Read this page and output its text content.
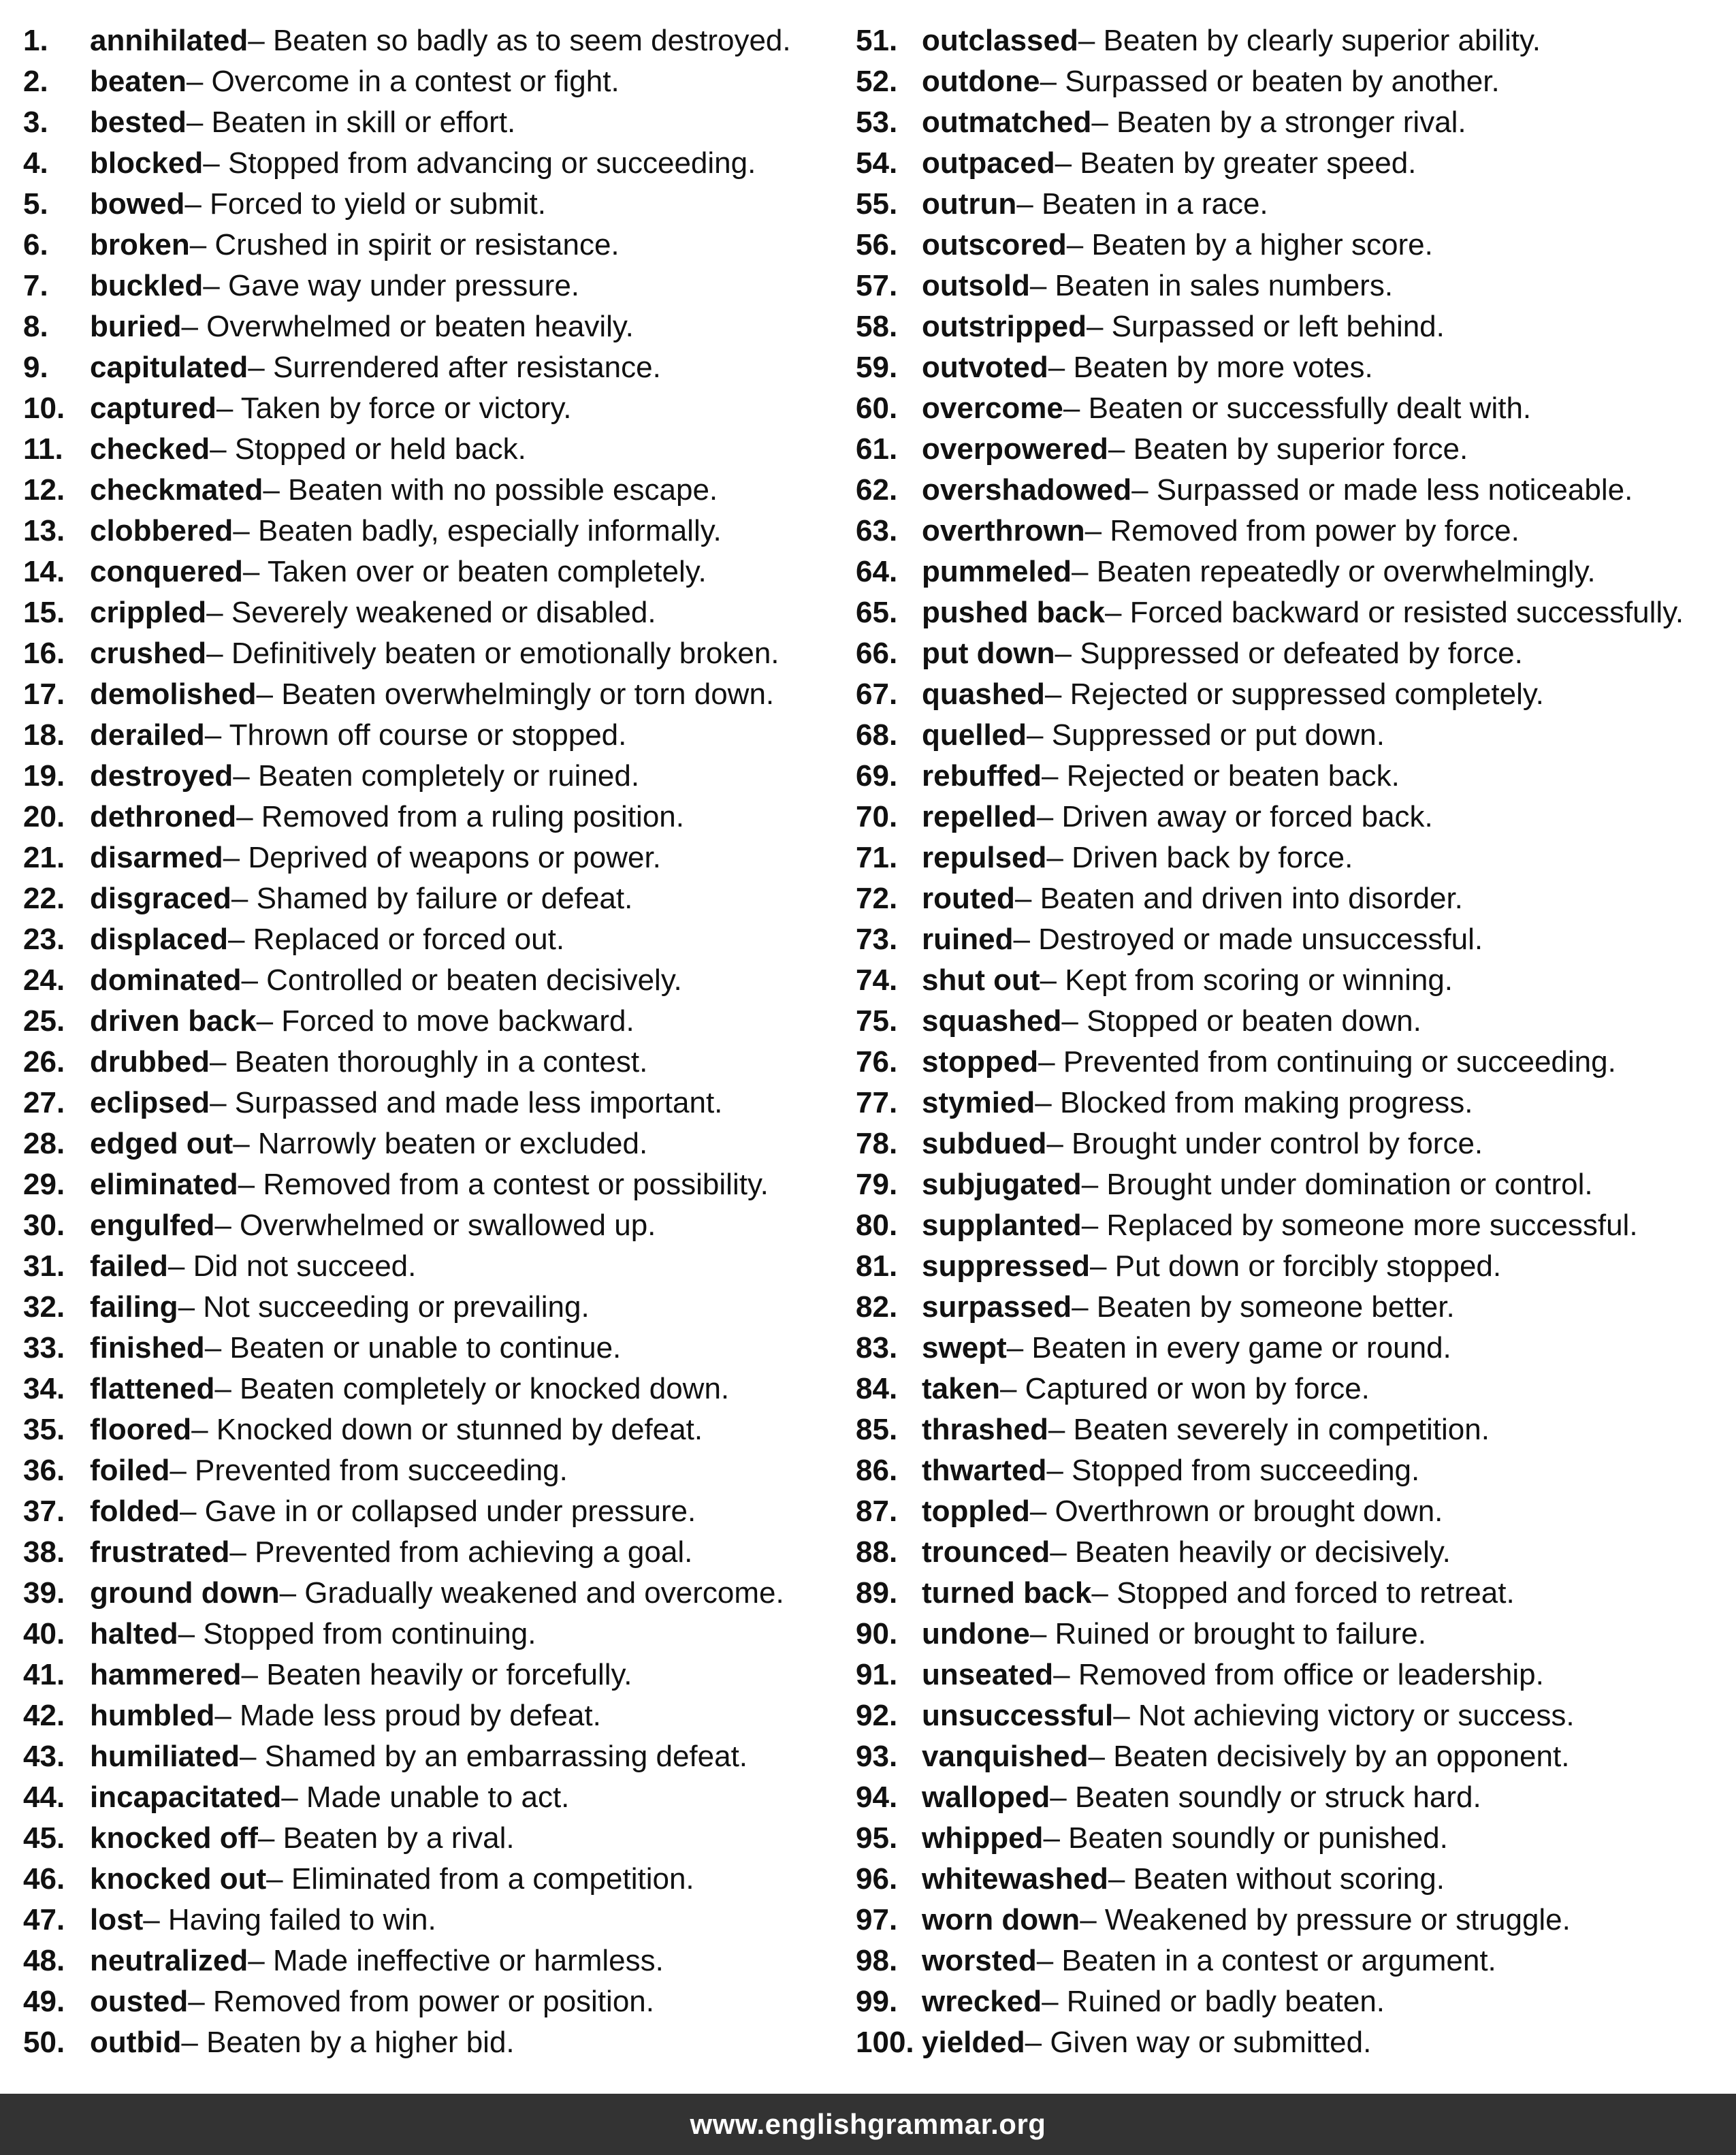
1.	annihilated – Beaten so badly as to seem destroyed.
2.	beaten – Overcome in a contest or fight.
3.	bested – Beaten in skill or effort.
4.	blocked – Stopped from advancing or succeeding.
5.	bowed – Forced to yield or submit.
6.	broken – Crushed in spirit or resistance.
7.	buckled – Gave way under pressure.
8.	buried – Overwhelmed or beaten heavily.
9.	capitulated – Surrendered after resistance.
10. captured – Taken by force or victory.
11. checked – Stopped or held back.
12. checkmated – Beaten with no possible escape.
13. clobbered – Beaten badly, especially informally.
14. conquered – Taken over or beaten completely.
15. crippled – Severely weakened or disabled.
16. crushed – Definitively beaten or emotionally broken.
17. demolished – Beaten overwhelmingly or torn down.
18. derailed – Thrown off course or stopped.
19. destroyed – Beaten completely or ruined.
20. dethroned – Removed from a ruling position.
21. disarmed – Deprived of weapons or power.
22. disgraced – Shamed by failure or defeat.
23. displaced – Replaced or forced out.
24. dominated – Controlled or beaten decisively.
25. driven back – Forced to move backward.
26. drubbed – Beaten thoroughly in a contest.
27. eclipsed – Surpassed and made less important.
28. edged out – Narrowly beaten or excluded.
29. eliminated – Removed from a contest or possibility.
30. engulfed – Overwhelmed or swallowed up.
31. failed – Did not succeed.
32. failing – Not succeeding or prevailing.
33. finished – Beaten or unable to continue.
34. flattened – Beaten completely or knocked down.
35. floored – Knocked down or stunned by defeat.
36. foiled – Prevented from succeeding.
37. folded – Gave in or collapsed under pressure.
38. frustrated – Prevented from achieving a goal.
39. ground down – Gradually weakened and overcome.
40. halted – Stopped from continuing.
41. hammered – Beaten heavily or forcefully.
42. humbled – Made less proud by defeat.
43. humiliated – Shamed by an embarrassing defeat.
44. incapacitated – Made unable to act.
45. knocked off – Beaten by a rival.
46. knocked out – Eliminated from a competition.
47. lost – Having failed to win.
48. neutralized – Made ineffective or harmless.
49. ousted – Removed from power or position.
50. outbid – Beaten by a higher bid.
51. outclassed – Beaten by clearly superior ability.
52. outdone – Surpassed or beaten by another.
53. outmatched – Beaten by a stronger rival.
54. outpaced – Beaten by greater speed.
55. outrun – Beaten in a race.
56. outscored – Beaten by a higher score.
57. outsold – Beaten in sales numbers.
58. outstripped – Surpassed or left behind.
59. outvoted – Beaten by more votes.
60. overcome – Beaten or successfully dealt with.
61. overpowered – Beaten by superior force.
62. overshadowed – Surpassed or made less noticeable.
63. overthrown – Removed from power by force.
64. pummeled – Beaten repeatedly or overwhelmingly.
65. pushed back – Forced backward or resisted successfully.
66. put down – Suppressed or defeated by force.
67. quashed – Rejected or suppressed completely.
68. quelled – Suppressed or put down.
69. rebuffed – Rejected or beaten back.
70. repelled – Driven away or forced back.
71. repulsed – Driven back by force.
72. routed – Beaten and driven into disorder.
73. ruined – Destroyed or made unsuccessful.
74. shut out – Kept from scoring or winning.
75. squashed – Stopped or beaten down.
76. stopped – Prevented from continuing or succeeding.
77. stymied – Blocked from making progress.
78. subdued – Brought under control by force.
79. subjugated – Brought under domination or control.
80. supplanted – Replaced by someone more successful.
81. suppressed – Put down or forcibly stopped.
82. surpassed – Beaten by someone better.
83. swept – Beaten in every game or round.
84. taken – Captured or won by force.
85. thrashed – Beaten severely in competition.
86. thwarted – Stopped from succeeding.
87. toppled – Overthrown or brought down.
88. trounced – Beaten heavily or decisively.
89. turned back – Stopped and forced to retreat.
90. undone – Ruined or brought to failure.
91. unseated – Removed from office or leadership.
92. unsuccessful – Not achieving victory or success.
93. vanquished – Beaten decisively by an opponent.
94. walloped – Beaten soundly or struck hard.
95. whipped – Beaten soundly or punished.
96. whitewashed – Beaten without scoring.
97. worn down – Weakened by pressure or struggle.
98. worsted – Beaten in a contest or argument.
99. wrecked – Ruined or badly beaten.
100. yielded – Given way or submitted.
www.englishgrammar.org
